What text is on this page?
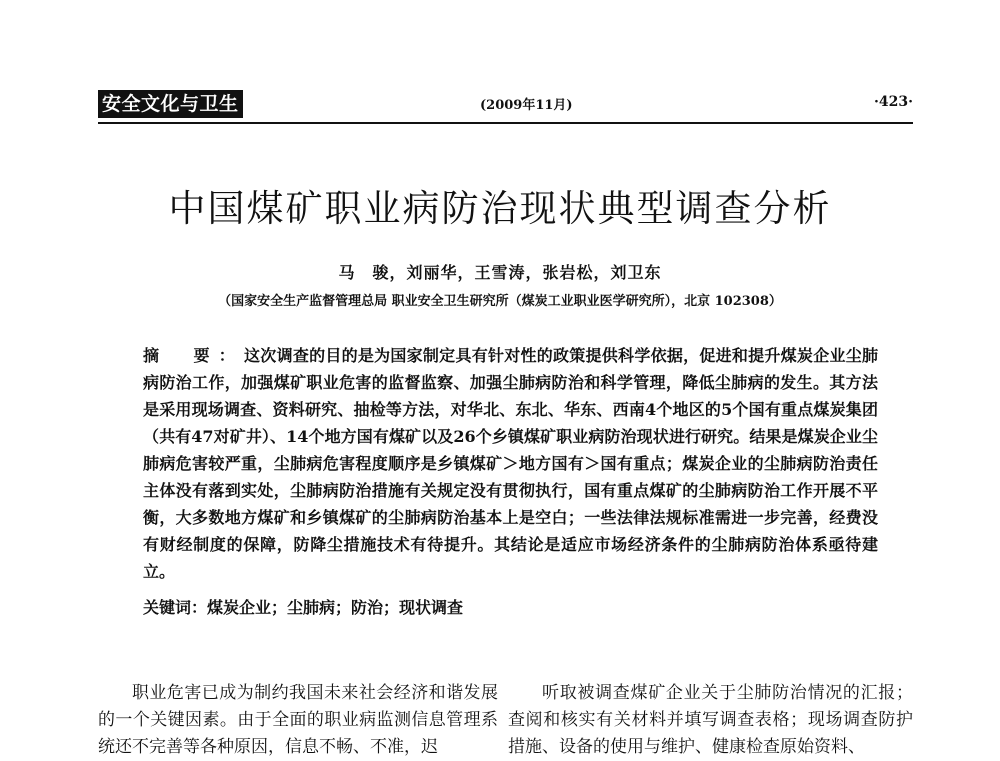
安全文化与卫生	(2009年11月)	·423·
中国煤矿职业病防治现状典型调查分析
马　骏，刘丽华，王雪涛，张岩松，刘卫东
（国家安全生产监督管理总局 职业安全卫生研究所（煤炭工业职业医学研究所），北京 102308）
摘　要：这次调查的目的是为国家制定具有针对性的政策提供科学依据，促进和提升煤炭企业尘肺病防治工作，加强煤矿职业危害的监督监察、加强尘肺病防治和科学管理，降低尘肺病的发生。其方法是采用现场调查、资料研究、抽检等方法，对华北、东北、华东、西南4个地区的5个国有重点煤炭集团（共有47对矿井）、14个地方国有煤矿以及26个乡镇煤矿职业病防治现状进行研究。结果是煤炭企业尘肺病危害较严重，尘肺病危害程度顺序是乡镇煤矿＞地方国有＞国有重点；煤炭企业的尘肺病防治责任主体没有落到实处，尘肺病防治措施有关规定没有贯彻执行，国有重点煤矿的尘肺病防治工作开展不平衡，大多数地方煤矿和乡镇煤矿的尘肺病防治基本上是空白；一些法律法规标准需进一步完善，经费没有财经制度的保障，防降尘措施技术有待提升。其结论是适应市场经济条件的尘肺病防治体系亟待建立。
关键词：煤炭企业；尘肺病；防治；现状调查

职业危害已成为制约我国未来社会经济和谐发展的一个关键因素。由于全面的职业病监测信息管理系统还不完善等各种原因，信息不畅、不准，迟

听取被调查煤矿企业关于尘肺防治情况的汇报；查阅和核实有关材料并填写调查表格；现场调查防护措施、设备的使用与维护、健康检查原始资料、
